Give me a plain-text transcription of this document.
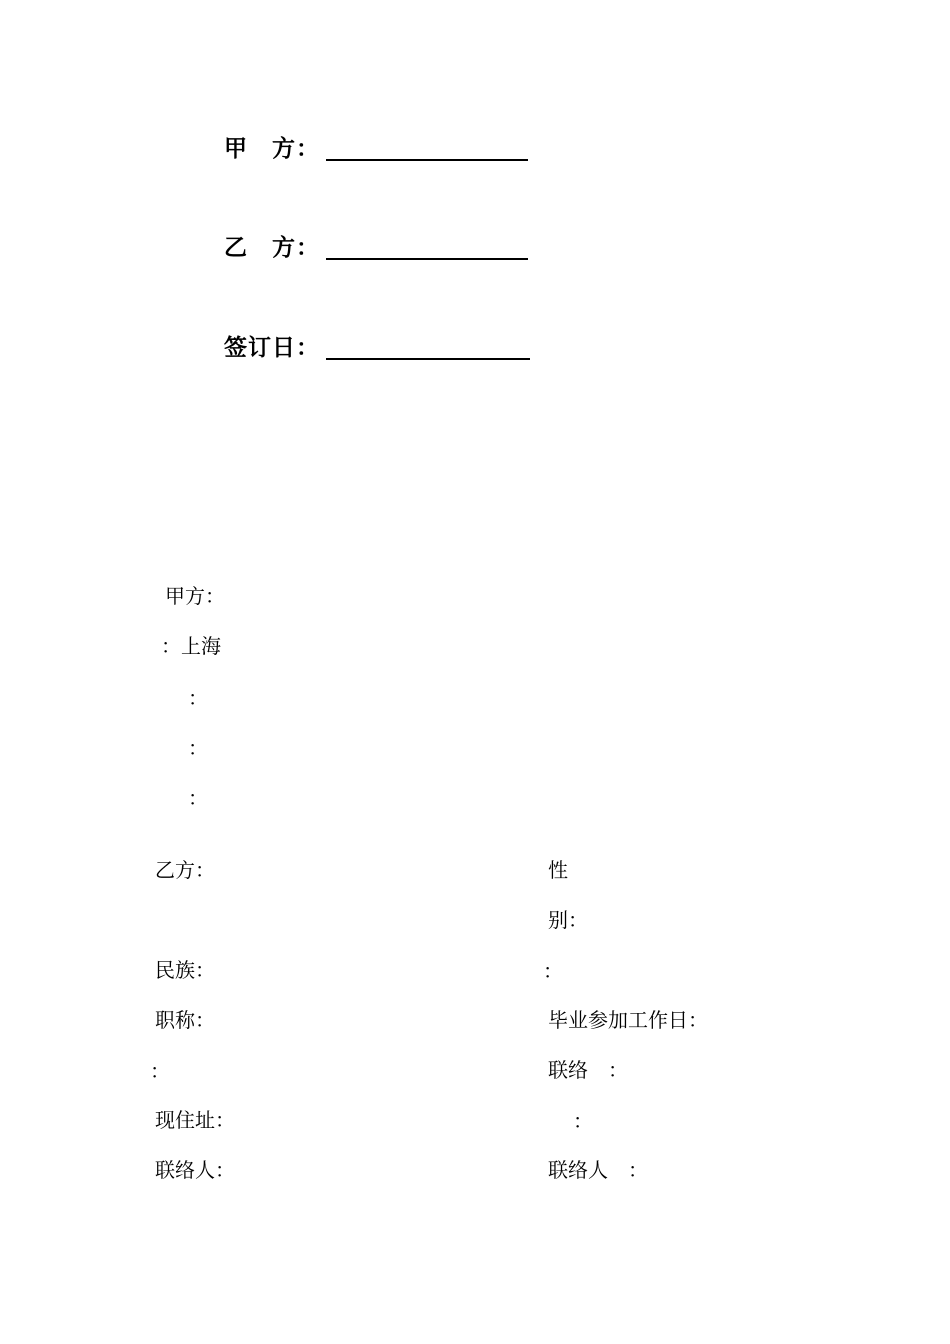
甲　方：
乙　方：
签订日：
甲方：
：上海
：
：
：
乙方：
民族：
职称：
：
现住址：
联络人：
性
别：
：
毕业参加工作日：
联络　：
：
联络人　：
